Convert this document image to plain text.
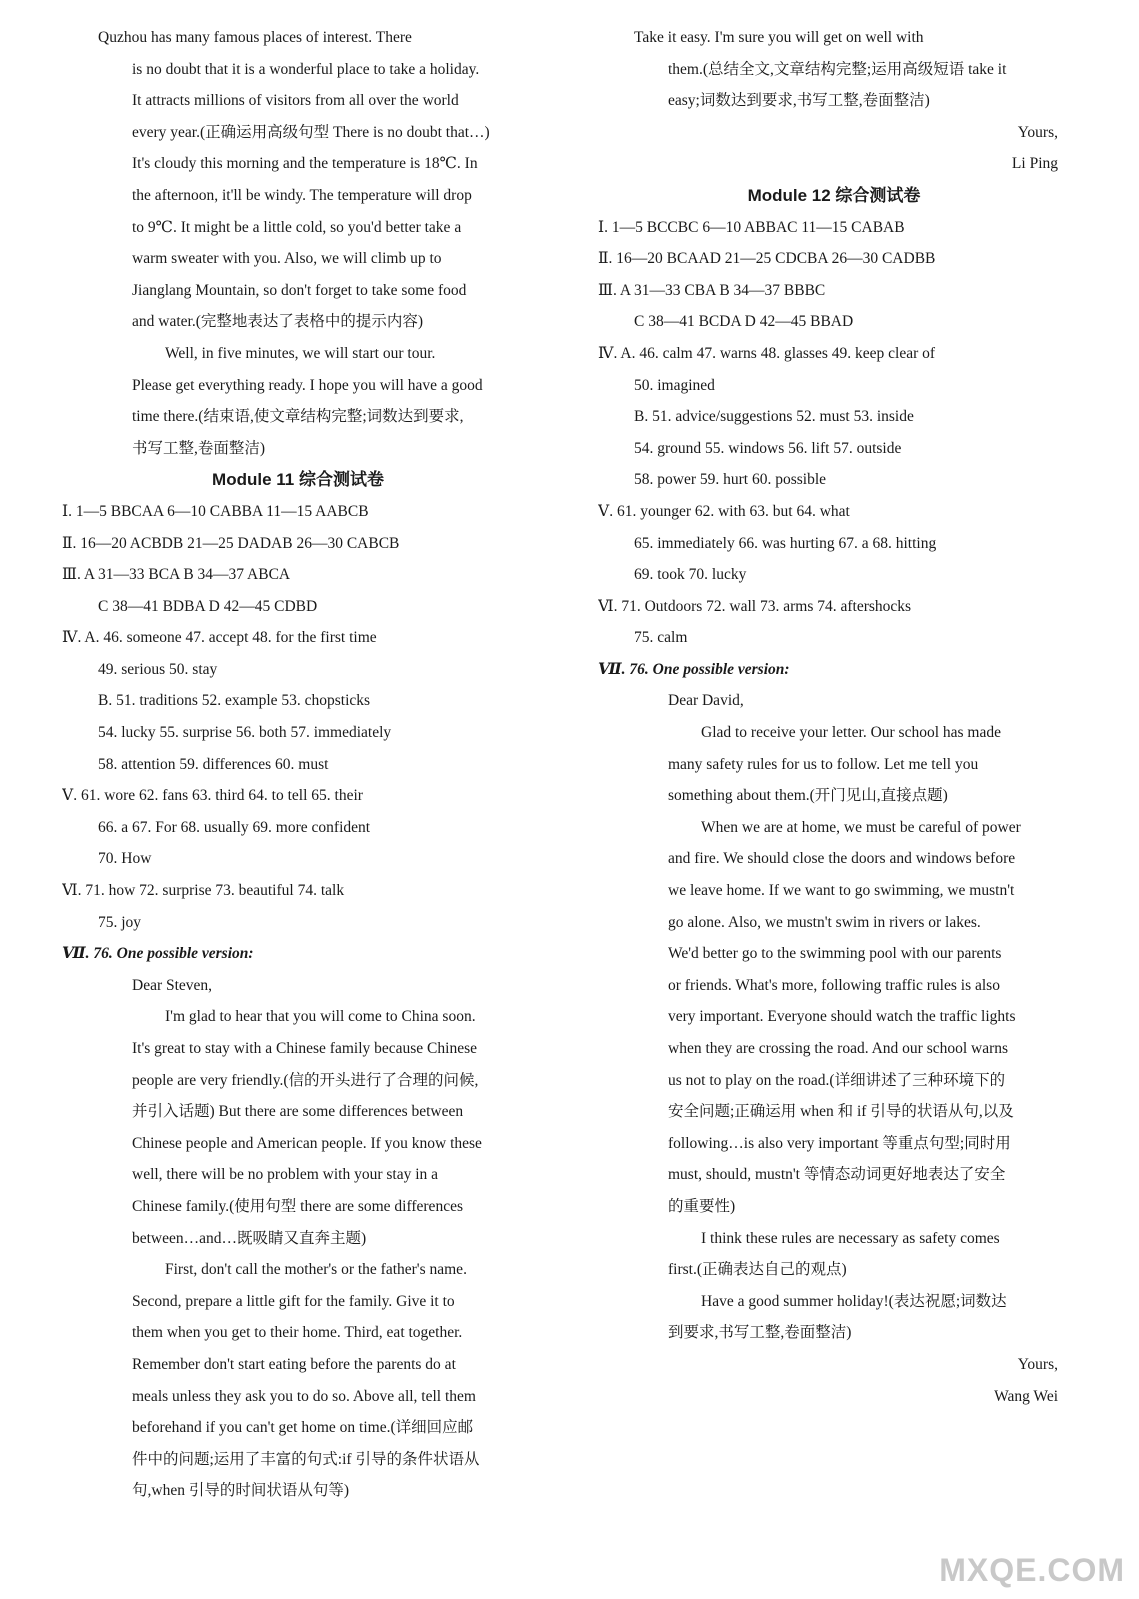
Quzhou has many famous places of interest. There
is no doubt that it is a wonderful place to take a holiday.
It attracts millions of visitors from all over the world
every year.(正确运用高级句型 There is no doubt that…)
It's cloudy this morning and the temperature is 18℃. In
the afternoon, it'll be windy. The temperature will drop
to 9℃. It might be a little cold, so you'd better take a
warm sweater with you. Also, we will climb up to
Jianglang Mountain, so don't forget to take some food
and water.(完整地表达了表格中的提示内容)
Well, in five minutes, we will start our tour.
Please get everything ready. I hope you will have a good
time there.(结束语,使文章结构完整;词数达到要求,
书写工整,卷面整洁)
Module 11 综合测试卷
Ⅰ. 1—5 BBCAA 6—10 CABBA 11—15 AABCB
Ⅱ. 16—20 ACBDB 21—25 DADAB 26—30 CABCB
Ⅲ. A 31—33 BCA B 34—37 ABCA
C 38—41 BDBA D 42—45 CDBD
Ⅳ. A. 46. someone 47. accept 48. for the first time
49. serious 50. stay
B. 51. traditions 52. example 53. chopsticks
54. lucky 55. surprise 56. both 57. immediately
58. attention 59. differences 60. must
Ⅴ. 61. wore 62. fans 63. third 64. to tell 65. their
66. a 67. For 68. usually 69. more confident
70. How
Ⅵ. 71. how 72. surprise 73. beautiful 74. talk
75. joy
Ⅶ. 76. One possible version:
Dear Steven,
I'm glad to hear that you will come to China soon.
It's great to stay with a Chinese family because Chinese
people are very friendly.(信的开头进行了合理的问候,
并引入话题) But there are some differences between
Chinese people and American people. If you know these
well, there will be no problem with your stay in a
Chinese family.(使用句型 there are some differences
between…and…既吸睛又直奔主题)
First, don't call the mother's or the father's name.
Second, prepare a little gift for the family. Give it to
them when you get to their home. Third, eat together.
Remember don't start eating before the parents do at
meals unless they ask you to do so. Above all, tell them
beforehand if you can't get home on time.(详细回应邮
件中的问题;运用了丰富的句式:if 引导的条件状语从
句,when 引导的时间状语从句等)
Take it easy. I'm sure you will get on well with
them.(总结全文,文章结构完整;运用高级短语 take it
easy;词数达到要求,书写工整,卷面整洁)
Yours,
Li Ping
Module 12 综合测试卷
Ⅰ. 1—5 BCCBC 6—10 ABBAC 11—15 CABAB
Ⅱ. 16—20 BCAAD 21—25 CDCBA 26—30 CADBB
Ⅲ. A 31—33 CBA B 34—37 BBBC
C 38—41 BCDA D 42—45 BBAD
Ⅳ. A. 46. calm 47. warns 48. glasses 49. keep clear of
50. imagined
B. 51. advice/suggestions 52. must 53. inside
54. ground 55. windows 56. lift 57. outside
58. power 59. hurt 60. possible
Ⅴ. 61. younger 62. with 63. but 64. what
65. immediately 66. was hurting 67. a 68. hitting
69. took 70. lucky
Ⅵ. 71. Outdoors 72. wall 73. arms 74. aftershocks
75. calm
Ⅶ. 76. One possible version:
Dear David,
Glad to receive your letter. Our school has made
many safety rules for us to follow. Let me tell you
something about them.(开门见山,直接点题)
When we are at home, we must be careful of power
and fire. We should close the doors and windows before
we leave home. If we want to go swimming, we mustn't
go alone. Also, we mustn't swim in rivers or lakes.
We'd better go to the swimming pool with our parents
or friends. What's more, following traffic rules is also
very important. Everyone should watch the traffic lights
when they are crossing the road. And our school warns
us not to play on the road.(详细讲述了三种环境下的
安全问题;正确运用 when 和 if 引导的状语从句,以及
following…is also very important 等重点句型;同时用
must, should, mustn't 等情态动词更好地表达了安全
的重要性)
I think these rules are necessary as safety comes
first.(正确表达自己的观点)
Have a good summer holiday!(表达祝愿;词数达
到要求,书写工整,卷面整洁)
Yours,
Wang Wei
MXQE.COM
